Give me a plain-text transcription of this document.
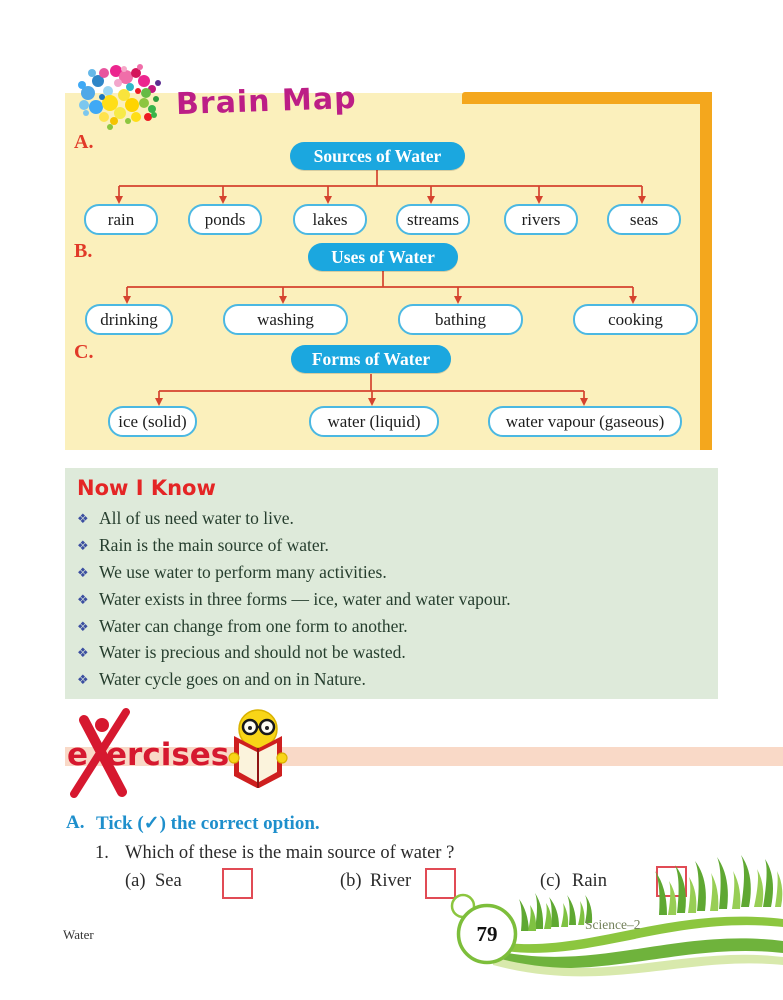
Brain Map
A.
B.
C.
Sources of Water
Uses of Water
Forms of Water
rain	ponds	lakes	streams	rivers	seas
drinking	washing	bathing	cooking
ice (solid)	water (liquid)	water vapour (gaseous)
Now I Know
❖ All of us need water to live.
❖ Rain is the main source of water.
❖ We use water to perform many activities.
❖ Water exists in three forms — ice, water and water vapour.
❖ Water can change from one form to another.
❖ Water is precious and should not be wasted.
❖ Water cycle goes on and on in Nature.
e ercises
A. Tick (✓) the correct option.
1. Which of these is the main source of water ?
(a) Sea	(b) River	(c) Rain
Water	79	Science–2
